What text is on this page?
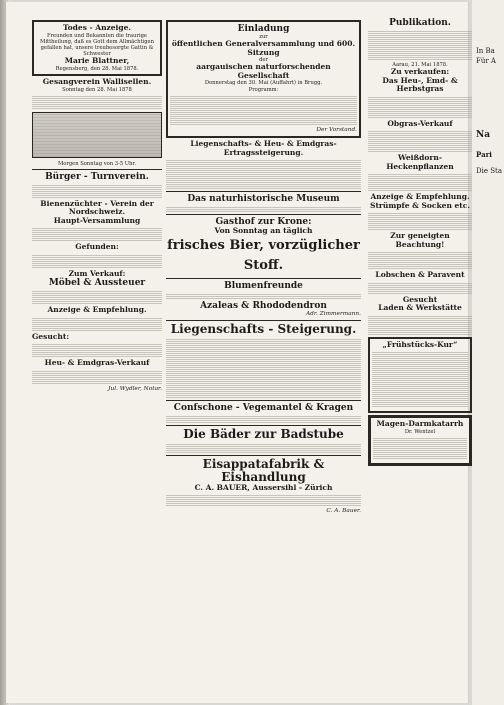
Todes - Anzeige.
Freunden und Bekannten die traurige Mittheilung, daß es Gott dem Allmächtigen gefallen hat, unsere treubesorgte Gattin & Schwester
Marie Blattner,
Regensberg, den 28. Mai 1878.
Gesangverein Wallisellen.
Sonntag den 28. Mai 1878
Morgen Sonntag von 3-5 Uhr.
Bürger - Turnverein.
Bienenzüchter - Verein der Nordschweiz.
Haupt-Versammlung
Gefunden:
Zum Verkauf:
Möbel & Aussteuer
Anzeige & Empfehlung.
Gesucht:
Heu- & Emdgras-Verkauf
Jul. Wydler, Notar.
Einladung
zur
öffentlichen Generalversammlung und 600. Sitzung
der
aargauischen naturforschenden Gesellschaft
Donnerstag den 30. Mai (Auffahrt) in Brugg.
Programm:
Der Vorstand.
Liegenschafts- & Heu- & Emdgras-Ertragssteigerung.
Das naturhistorische Museum
Gasthof zur Krone:
Von Sonntag an täglich
frisches Bier, vorzüglicher Stoff.
Blumenfreunde
Azaleas & Rhododendron
Adr. Zimmermann.
Liegenschafts - Steigerung.
Confschone - Vegemantel & Kragen
Die Bäder zur Badstube
Eisappatafabrik & Eishandlung
C. A. BAUER, Aussersihl - Zürich
C. A. Bauer.
Publikation.
Aarau, 21. Mai 1878.
Zu verkaufen:
Das Heu-, Emd- & Herbstgras
Obgras-Verkauf
Weißdorn-Heckenpflanzen
Anzeige & Empfehlung.
Strümpfe & Socken etc.
Zur geneigten Beachtung!
Lobschen & Paravent
Gesucht
Laden & Werkstätte
„Frühstücks-Kur“
Magen-Darmkatarrh
Dr. Wentzel
In Ba
Für A
Na
Pari
Die Sta
